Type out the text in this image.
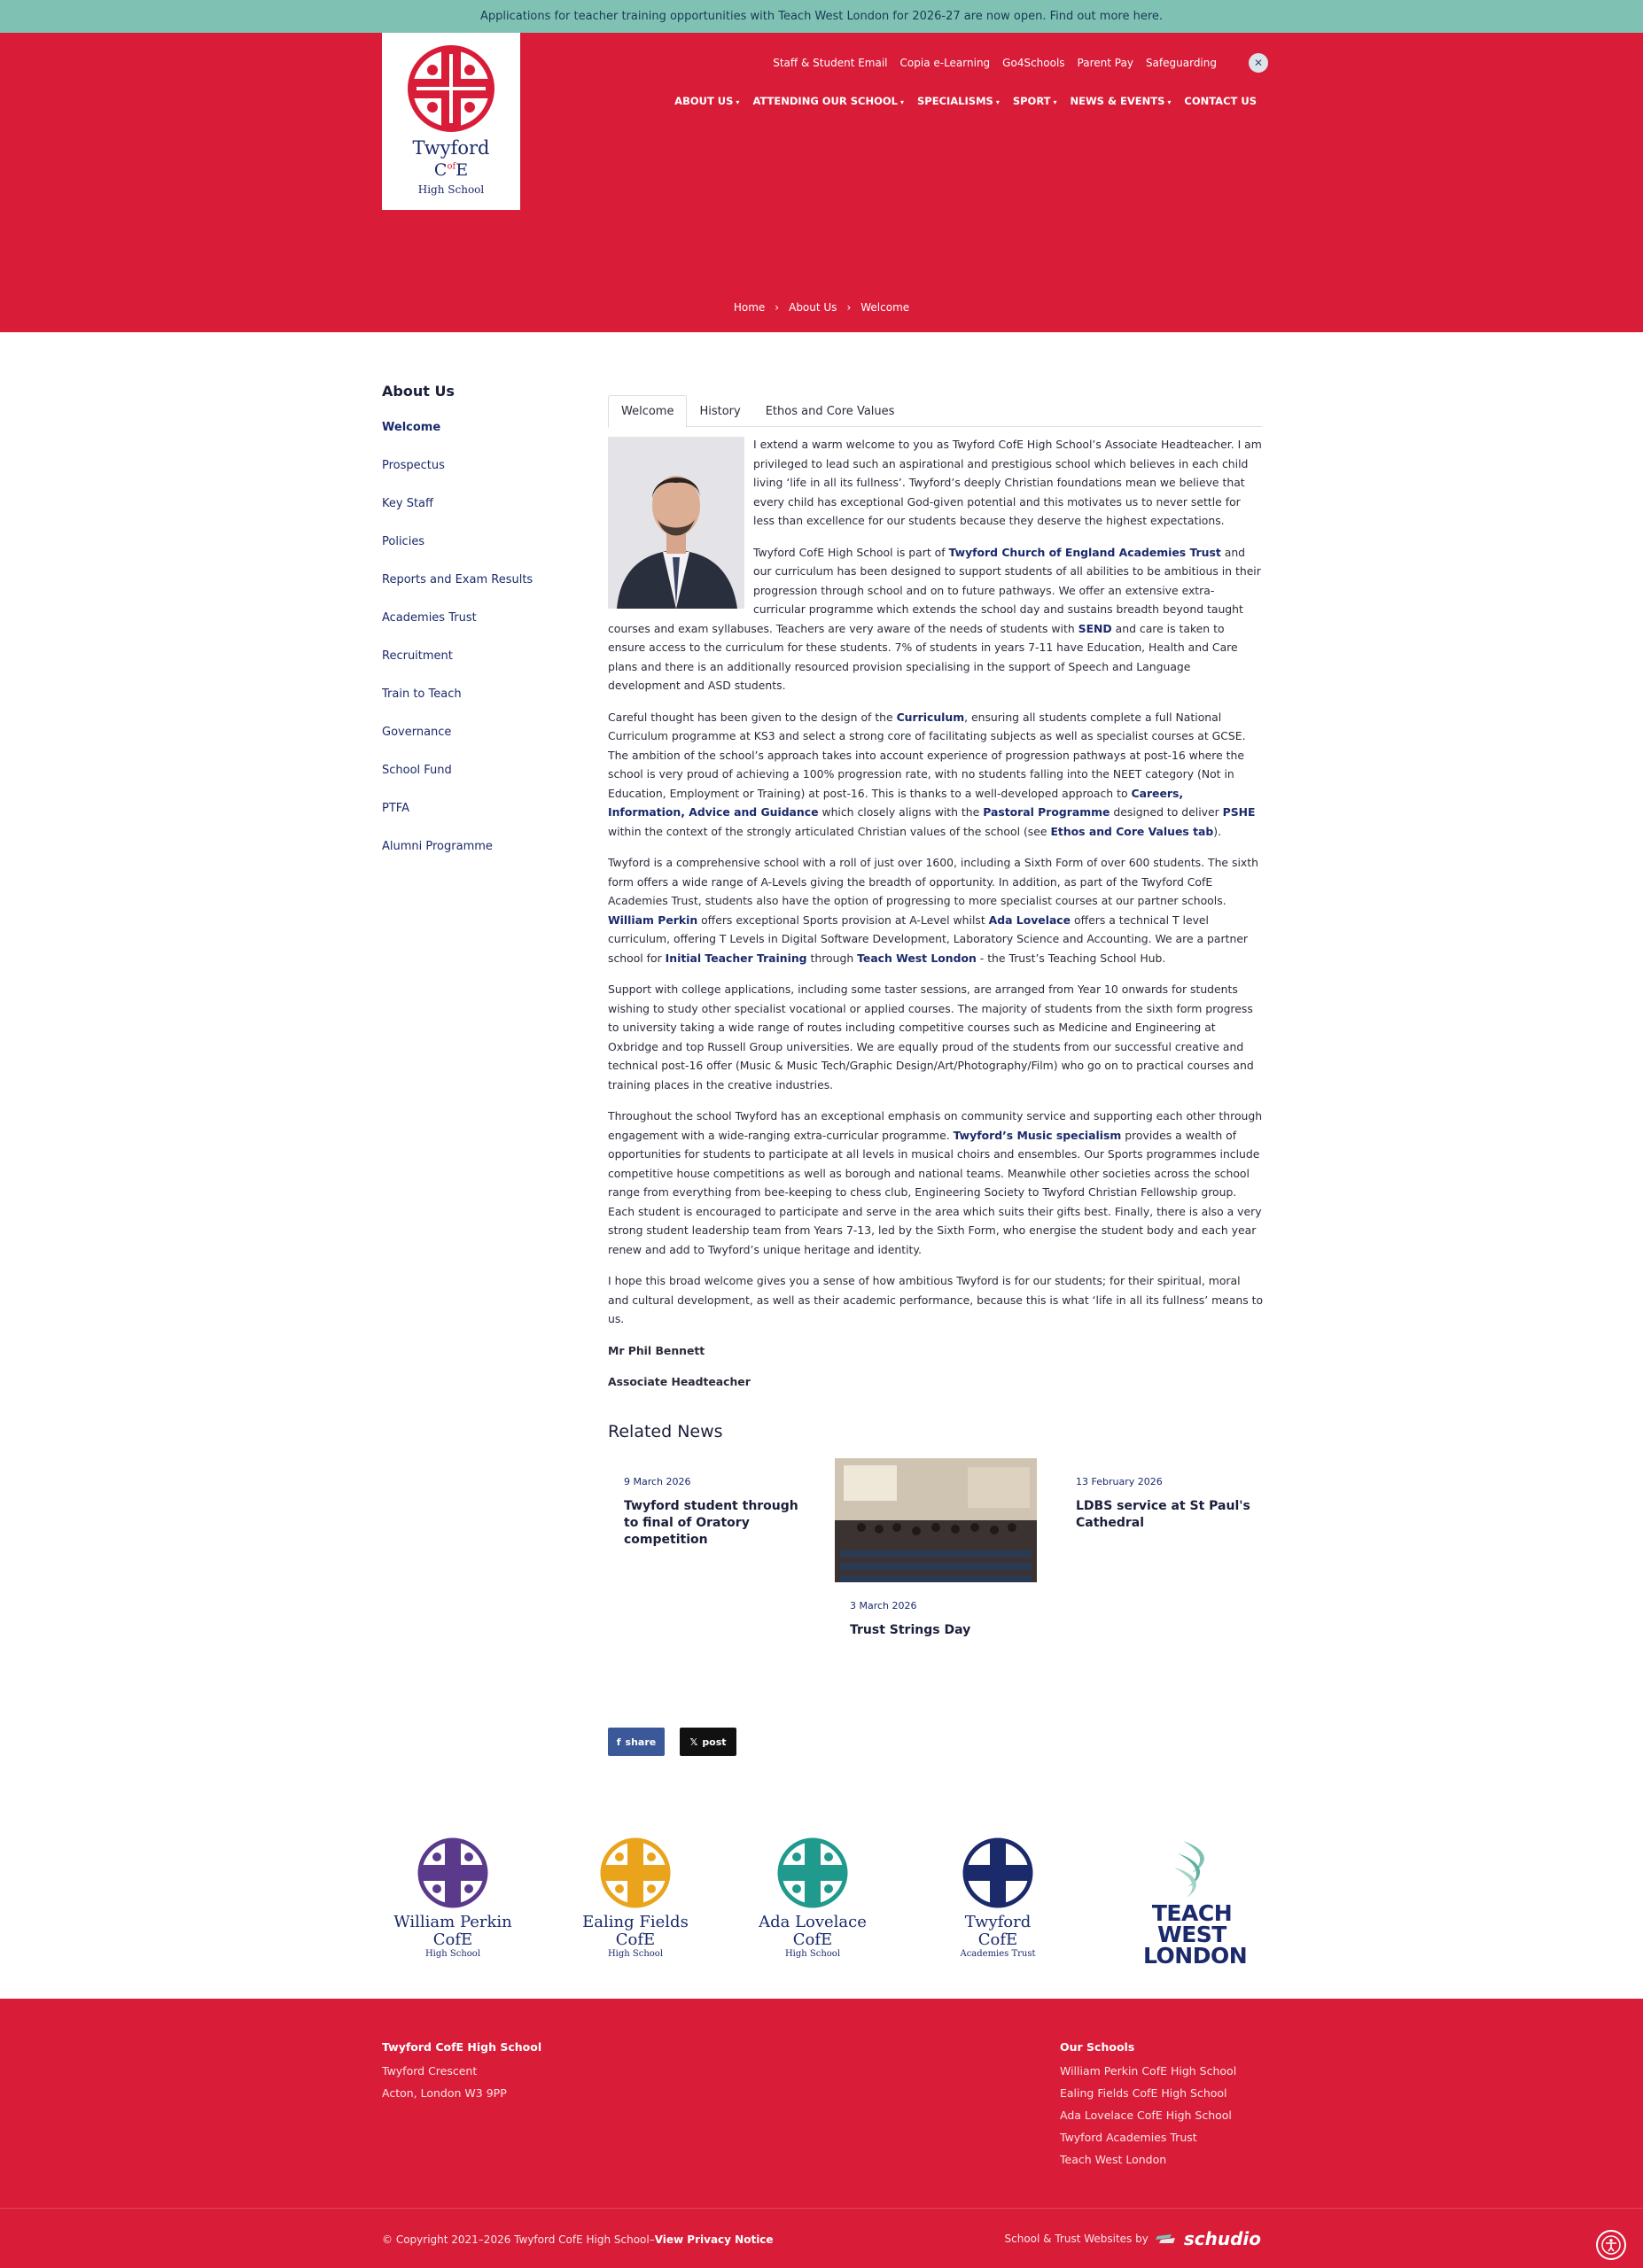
Applications for teacher training opportunities with Teach West London for 2026-27 are now open. Find out more here.
Twyford
$C^{of}E$
High School
Staff & Student Email Copia e-Learning Go4Schools Parent Pay Safeguarding	✕
ABOUT US ▾ ATTENDING OUR SCHOOL ▾ SPECIALISMS ▾ SPORT ▾ NEWS & EVENTS ▾ CONTACT US
Home › About Us › Welcome
About Us
Welcome
Prospectus
Key Staff
Policies
Reports and Exam Results
Academies Trust
Recruitment
Train to Teach
Governance
School Fund
PTFA
Alumni Programme
Welcome	History	Ethos and Core Values

I extend a warm welcome to you as Twyford CofE High School’s Associate Headteacher. I am privileged to lead such an aspirational and prestigious school which believes in each child living ‘life in all its fullness’. Twyford’s deeply Christian foundations mean we believe that every child has exceptional God-given potential and this motivates us to never settle for less than excellence for our students because they deserve the highest expectations.

Twyford CofE High School is part of Twyford Church of England Academies Trust and our curriculum has been designed to support students of all abilities to be ambitious in their progression through school and on to future pathways. We offer an extensive extra-curricular programme which extends the school day and sustains breadth beyond taught courses and exam syllabuses. Teachers are very aware of the needs of students with SEND and care is taken to ensure access to the curriculum for these students. 7% of students in years 7-11 have Education, Health and Care plans and there is an additionally resourced provision specialising in the support of Speech and Language development and ASD students.

Careful thought has been given to the design of the Curriculum, ensuring all students complete a full National Curriculum programme at KS3 and select a strong core of facilitating subjects as well as specialist courses at GCSE. The ambition of the school’s approach takes into account experience of progression pathways at post-16 where the school is very proud of achieving a 100% progression rate, with no students falling into the NEET category (Not in Education, Employment or Training) at post-16. This is thanks to a well-developed approach to Careers, Information, Advice and Guidance which closely aligns with the Pastoral Programme designed to deliver PSHE within the context of the strongly articulated Christian values of the school (see Ethos and Core Values tab).

Twyford is a comprehensive school with a roll of just over 1600, including a Sixth Form of over 600 students. The sixth form offers a wide range of A-Levels giving the breadth of opportunity. In addition, as part of the Twyford CofE Academies Trust, students also have the option of progressing to more specialist courses at our partner schools. William Perkin offers exceptional Sports provision at A-Level whilst Ada Lovelace offers a technical T level curriculum, offering T Levels in Digital Software Development, Laboratory Science and Accounting. We are a partner school for Initial Teacher Training through Teach West London - the Trust’s Teaching School Hub.

Support with college applications, including some taster sessions, are arranged from Year 10 onwards for students wishing to study other specialist vocational or applied courses. The majority of students from the sixth form progress to university taking a wide range of routes including competitive courses such as Medicine and Engineering at Oxbridge and top Russell Group universities. We are equally proud of the students from our successful creative and technical post-16 offer (Music & Music Tech/Graphic Design/Art/Photography/Film) who go on to practical courses and training places in the creative industries.

Throughout the school Twyford has an exceptional emphasis on community service and supporting each other through engagement with a wide-ranging extra-curricular programme. Twyford’s Music specialism provides a wealth of opportunities for students to participate at all levels in musical choirs and ensembles. Our Sports programmes include competitive house competitions as well as borough and national teams. Meanwhile other societies across the school range from everything from bee-keeping to chess club, Engineering Society to Twyford Christian Fellowship group. Each student is encouraged to participate and serve in the area which suits their gifts best. Finally, there is also a very strong student leadership team from Years 7-13, led by the Sixth Form, who energise the student body and each year renew and add to Twyford’s unique heritage and identity.

I hope this broad welcome gives you a sense of how ambitious Twyford is for our students; for their spiritual, moral and cultural development, as well as their academic performance, because this is what ‘life in all its fullness’ means to us.

Mr Phil Bennett

Associate Headteacher

Related News
9 March 2026
Twyford student through to final of Oratory competition
3 March 2026
Trust Strings Day
13 February 2026
LDBS service at St Paul's Cathedral
f share	𝕏 post
William Perkin
CofE
High School
Ealing Fields
CofE
High School
Ada Lovelace
CofE
High School
Twyford
CofE
Academies Trust
TEACH WEST LONDON
Twyford CofE High School
Twyford Crescent
Acton, London W3 9PP
Our Schools
William Perkin CofE High School
Ealing Fields CofE High School
Ada Lovelace CofE High School
Twyford Academies Trust
Teach West London
© Copyright 2021–2026 Twyford CofE High School–View Privacy Notice	School & Trust Websites by schudio
